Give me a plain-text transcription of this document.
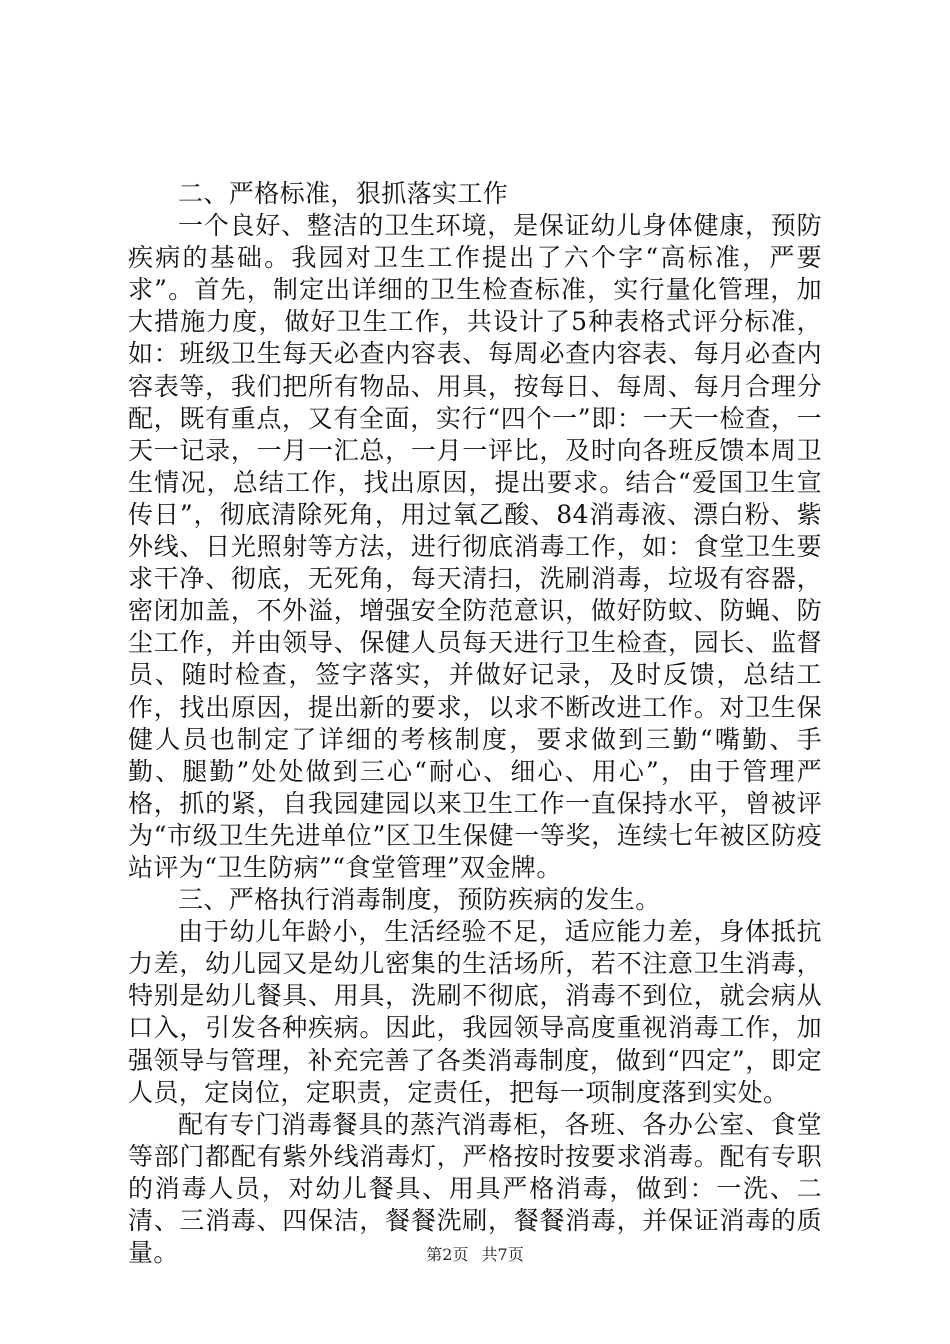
二、严格标准，狠抓落实工作

一个良好、整洁的卫生环境，是保证幼儿身体健康，预防疾病的基础。我园对卫生工作提出了六个字“高标准，严要求”。首先，制定出详细的卫生检查标准，实行量化管理，加大措施力度，做好卫生工作，共设计了5种表格式评分标准，如：班级卫生每天必查内容表、每周必查内容表、每月必查内容表等，我们把所有物品、用具，按每日、每周、每月合理分配，既有重点，又有全面，实行“四个一”即：一天一检查，一天一记录，一月一汇总，一月一评比，及时向各班反馈本周卫生情况，总结工作，找出原因，提出要求。结合“爱国卫生宣传日”，彻底清除死角，用过氧乙酸、84消毒液、漂白粉、紫外线、日光照射等方法，进行彻底消毒工作，如：食堂卫生要求干净、彻底，无死角，每天清扫，洗刷消毒，垃圾有容器，密闭加盖，不外溢，增强安全防范意识，做好防蚊、防蝇、防尘工作，并由领导、保健人员每天进行卫生检查，园长、监督员、随时检查，签字落实，并做好记录，及时反馈，总结工作，找出原因，提出新的要求，以求不断改进工作。对卫生保健人员也制定了详细的考核制度，要求做到三勤“嘴勤、手勤、腿勤”处处做到三心“耐心、细心、用心”，由于管理严格，抓的紧，自我园建园以来卫生工作一直保持水平，曾被评为“市级卫生先进单位”区卫生保健一等奖，连续七年被区防疫站评为“卫生防病”“食堂管理”双金牌。

三、严格执行消毒制度，预防疾病的发生。

由于幼儿年龄小，生活经验不足，适应能力差，身体抵抗力差，幼儿园又是幼儿密集的生活场所，若不注意卫生消毒，特别是幼儿餐具、用具，洗刷不彻底，消毒不到位，就会病从口入，引发各种疾病。因此，我园领导高度重视消毒工作，加强领导与管理，补充完善了各类消毒制度，做到“四定”，即定人员，定岗位，定职责，定责任，把每一项制度落到实处。

配有专门消毒餐具的蒸汽消毒柜，各班、各办公室、食堂等部门都配有紫外线消毒灯，严格按时按要求消毒。配有专职的消毒人员，对幼儿餐具、用具严格消毒，做到：一洗、二清、三消毒、四保洁，餐餐洗刷，餐餐消毒，并保证消毒的质量。	第2页 共7页
